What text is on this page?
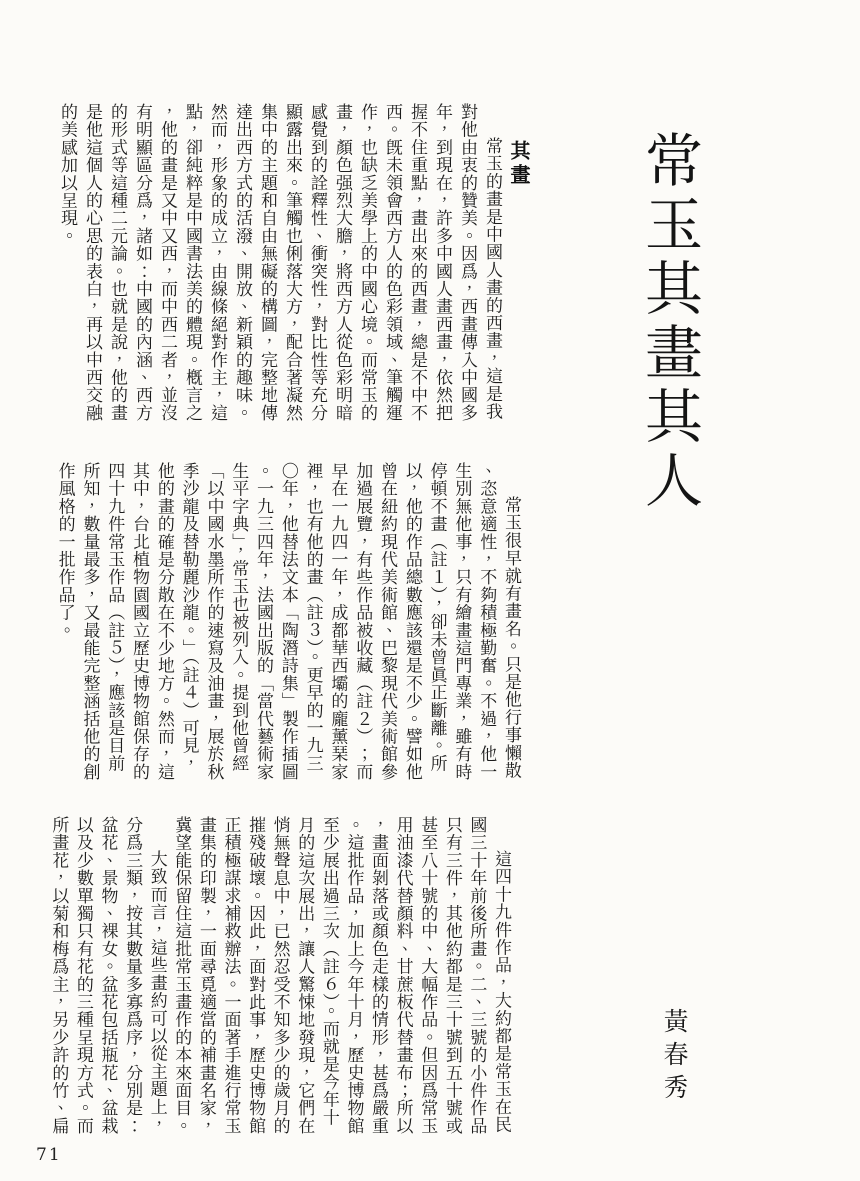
常玉其畫其人
黃春秀
其畫

常玉的畫是中國人畫的西畫，這是我對他由衷的贊美。因爲，西畫傳入中國多年，到現在，許多中國人畫西畫，依然把握不住重點，畫出來的西畫，總是不中不西。旣未領會西方人的色彩領域、筆觸運作，也缺乏美學上的中國心境。而常玉的畫，顏色强烈大膽，將西方人從色彩明暗感覺到的詮釋性、衝突性，對比性等充分顯露出來。筆觸也俐落大方，配合著凝然集中的主題和自由無礙的構圖，完整地傳達出西方式的活潑、開放、新穎的趣味。然而，形象的成立，由線條絕對作主，這點，卻純粹是中國書法美的體現。槪言之，他的畫是又中又西，而中西二者，並沒有明顯區分爲，諸如：中國的內涵、西方的形式等這種二元論。也就是說，他的畫是他這個人的心思的表白，再以中西交融的美感加以呈現。

常玉很早就有畫名。只是他行事懶散、恣意適性，不夠積極勤奮。不過，他一生別無他事，只有繪畫這門專業，雖有時停頓不畫（註１），卻未曾眞正斷離。所以，他的作品總數應該還是不少。譬如他曾在紐約現代美術館、巴黎現代美術館參加過展覽，有些作品被收藏（註２）；而早在一九四一年，成都華西壩的龐薰琹家裡，也有他的畫（註３）。更早的一九三〇年，他替法文本「陶潛詩集」製作插圖。一九三四年，法國出版的「當代藝術家生平字典」，常玉也被列入。提到他曾經「以中國水墨所作的速寫及油畫，展於秋季沙龍及替勒麗沙龍。」（註４）可見，他的畫的確是分散在不少地方。然而，這其中，台北植物園國立歷史博物館保存的四十九件常玉作品（註５），應該是目前所知，數量最多，又最能完整涵括他的創作風格的一批作品了。

這四十九件作品，大約都是常玉在民國三十年前後所畫。二、三號的小件作品只有三件，其他約都是三十號到五十號或甚至八十號的中、大幅作品。但因爲常玉用油漆代替顏料、甘蔗板代替畫布；所以，畫面剝落或顏色走樣的情形，甚爲嚴重。這批作品，加上今年十月，歷史博物館至少展出過三次（註６）。而就是今年十月的這次展出，讓人驚悚地發現，它們在悄無聲息中，已然忍受不知多少的歲月的摧殘破壞。因此，面對此事，歷史博物館正積極謀求補救辦法。一面著手進行常玉畫集的印製，一面尋覓適當的補畫名家，冀望能保留住這批常玉畫作的本來面目。

大致而言，這些畫約可以從主題上，分爲三類，按其數量多寡爲序，分別是：盆花、景物、裸女。盆花包括瓶花、盆栽以及少數單獨只有花的三種呈現方式。而所畫花，以菊和梅爲主，另少許的竹、扁

71
